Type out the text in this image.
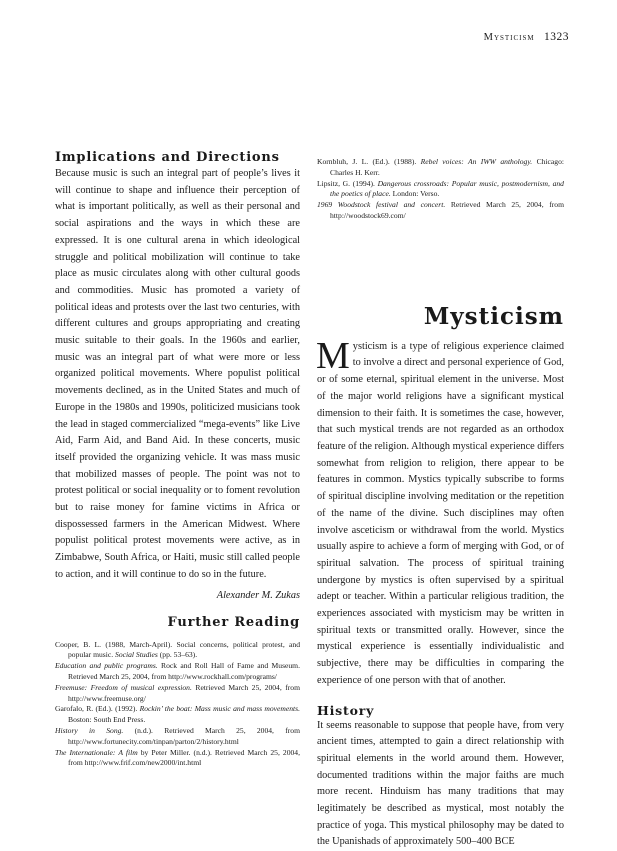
Mysticism 1323
Implications and Directions

Because music is such an integral part of people’s lives it will continue to shape and influence their perception of what is important politically, as well as their personal and social aspirations and the ways in which these are expressed. It is one cultural arena in which ideological struggle and political mobilization will continue to take place as music circulates along with other cultural goods and commodities. Music has promoted a variety of political ideas and protests over the last two centuries, with different cultures and groups appropriating and creating music suitable to their goals. In the 1960s and earlier, music was an integral part of what were more or less organized political movements. Where populist political movements declined, as in the United States and much of Europe in the 1980s and 1990s, politicized musicians took the lead in staged commercialized “mega-events” like Live Aid, Farm Aid, and Band Aid. In these concerts, music itself provided the organizing vehicle. It was mass music that mobilized masses of people. The point was not to protest political or social inequality or to foment revolution but to raise money for famine victims in Africa or dispossessed farmers in the American Midwest. Where populist political protest movements were active, as in Zimbabwe, South Africa, or Haiti, music still called people to action, and it will continue to do so in the future.

Alexander M. Zukas

Further Reading

Cooper, B. L. (1988, March-April). Social concerns, political protest, and popular music. Social Studies (pp. 53–63).

Education and public programs. Rock and Roll Hall of Fame and Museum. Retrieved March 25, 2004, from http://www.rockhall.com/programs/

Freemuse: Freedom of musical expression. Retrieved March 25, 2004, from http://www.freemuse.org/

Garofalo, R. (Ed.). (1992). Rockin’ the boat: Mass music and mass movements. Boston: South End Press.

History in Song. (n.d.). Retrieved March 25, 2004, from http://www.fortunecity.com/tinpan/parton/2/history.html

The Internationale: A film by Peter Miller. (n.d.). Retrieved March 25, 2004, from http://www.frif.com/new2000/int.html

Kornbluh, J. L. (Ed.). (1988). Rebel voices: An IWW anthology. Chicago: Charles H. Kerr.

Lipsitz, G. (1994). Dangerous crossroads: Popular music, postmodernism, and the poetics of place. London: Verso.

1969 Woodstock festival and concert. Retrieved March 25, 2004, from http://woodstock69.com/

Mysticism

Mysticism is a type of religious experience claimed to involve a direct and personal experience of God, or of some eternal, spiritual element in the universe. Most of the major world religions have a significant mystical dimension to their faith. It is sometimes the case, however, that such mystical trends are not regarded as an orthodox feature of the religion. Although mystical experience differs somewhat from religion to religion, there appear to be features in common. Mystics typically subscribe to forms of spiritual discipline involving meditation or the repetition of the name of the divine. Such disciplines may often involve asceticism or withdrawal from the world. Mystics usually aspire to achieve a form of merging with God, or of spiritual salvation. The process of spiritual training undergone by mystics is often supervised by a spiritual adept or teacher. Within a particular religious tradition, the experiences associated with mysticism may be written in spiritual texts or transmitted orally. However, since the mystical experience is essentially individualistic and subjective, there may be difficulties in comparing the experience of one person with that of another.

History

It seems reasonable to suppose that people have, from very ancient times, attempted to gain a direct relationship with spiritual elements in the world around them. However, documented traditions within the major faiths are much more recent. Hinduism has many traditions that may legitimately be described as mystical, most notably the practice of yoga. This mystical philosophy may be dated to the Upanishads of approximately 500–400 BCE
